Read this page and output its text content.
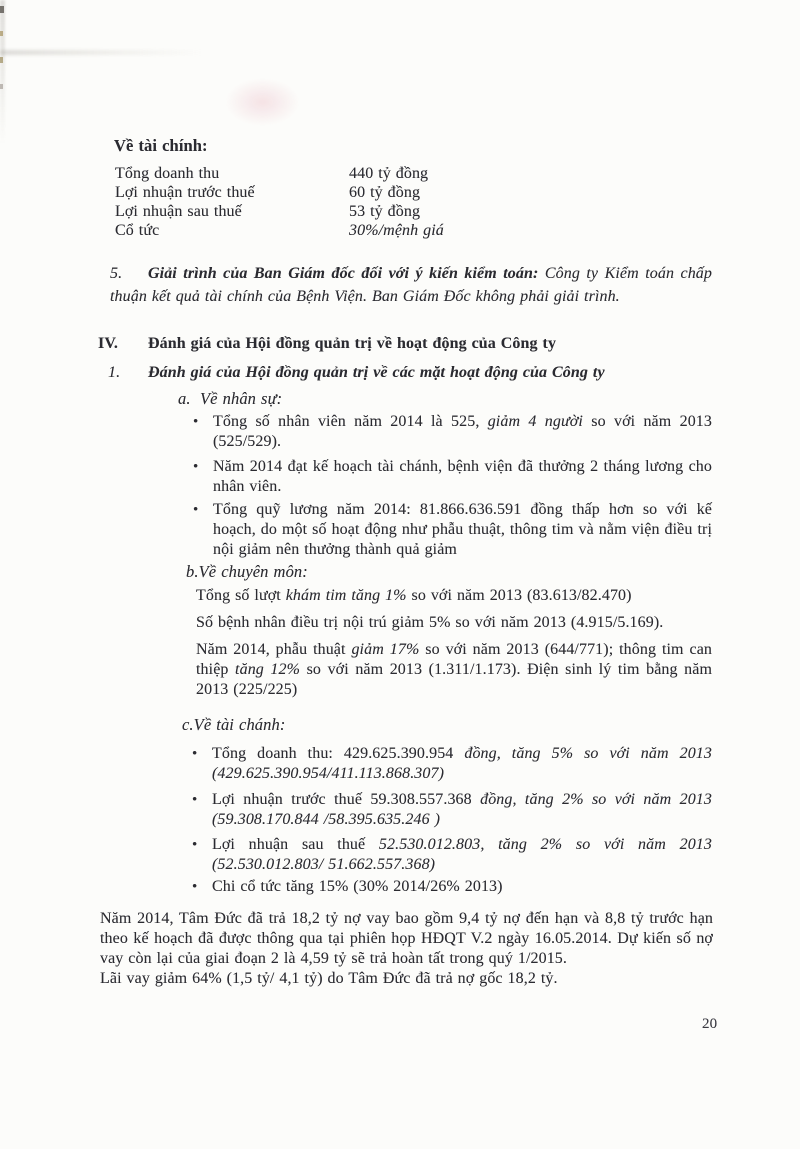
Về tài chính:
Tổng doanh thu	440 tỷ đồng
Lợi nhuận trước thuế	60 tỷ đồng
Lợi nhuận sau thuế	53 tỷ đồng
Cổ tức	30%/mệnh giá
5. Giải trình của Ban Giám đốc đối với ý kiến kiểm toán: Công ty Kiểm toán chấp thuận kết quả tài chính của Bệnh Viện. Ban Giám Đốc không phải giải trình.
IV. Đánh giá của Hội đồng quản trị về hoạt động của Công ty
1. Đánh giá của Hội đồng quản trị về các mặt hoạt động của Công ty
a. Về nhân sự:
• Tổng số nhân viên năm 2014 là 525, giảm 4 người so với năm 2013 (525/529).
• Năm 2014 đạt kế hoạch tài chánh, bệnh viện đã thưởng 2 tháng lương cho nhân viên.
• Tổng quỹ lương năm 2014: 81.866.636.591 đồng thấp hơn so với kế hoạch, do một số hoạt động như phẫu thuật, thông tim và nằm viện điều trị nội giảm nên thưởng thành quả giảm
b.Về chuyên môn:
Tổng số lượt khám tim tăng 1% so với năm 2013 (83.613/82.470)
Số bệnh nhân điều trị nội trú giảm 5% so với năm 2013 (4.915/5.169).
Năm 2014, phẫu thuật giảm 17% so với năm 2013 (644/771); thông tim can thiệp tăng 12% so với năm 2013 (1.311/1.173). Điện sinh lý tim bằng năm 2013 (225/225)
c.Về tài chánh:
• Tổng doanh thu: 429.625.390.954 đồng, tăng 5% so với năm 2013 (429.625.390.954/411.113.868.307)
• Lợi nhuận trước thuế 59.308.557.368 đồng, tăng 2% so với năm 2013 (59.308.170.844 /58.395.635.246 )
• Lợi nhuận sau thuế 52.530.012.803, tăng 2% so với năm 2013 (52.530.012.803/ 51.662.557.368)
• Chi cổ tức tăng 15% (30% 2014/26% 2013)
Năm 2014, Tâm Đức đã trả 18,2 tỷ nợ vay bao gồm 9,4 tỷ nợ đến hạn và 8,8 tỷ trước hạn theo kế hoạch đã được thông qua tại phiên họp HĐQT V.2 ngày 16.05.2014. Dự kiến số nợ vay còn lại của giai đoạn 2 là 4,59 tỷ sẽ trả hoàn tất trong quý 1/2015.
Lãi vay giảm 64% (1,5 tỷ/ 4,1 tỷ) do Tâm Đức đã trả nợ gốc 18,2 tỷ.
20
